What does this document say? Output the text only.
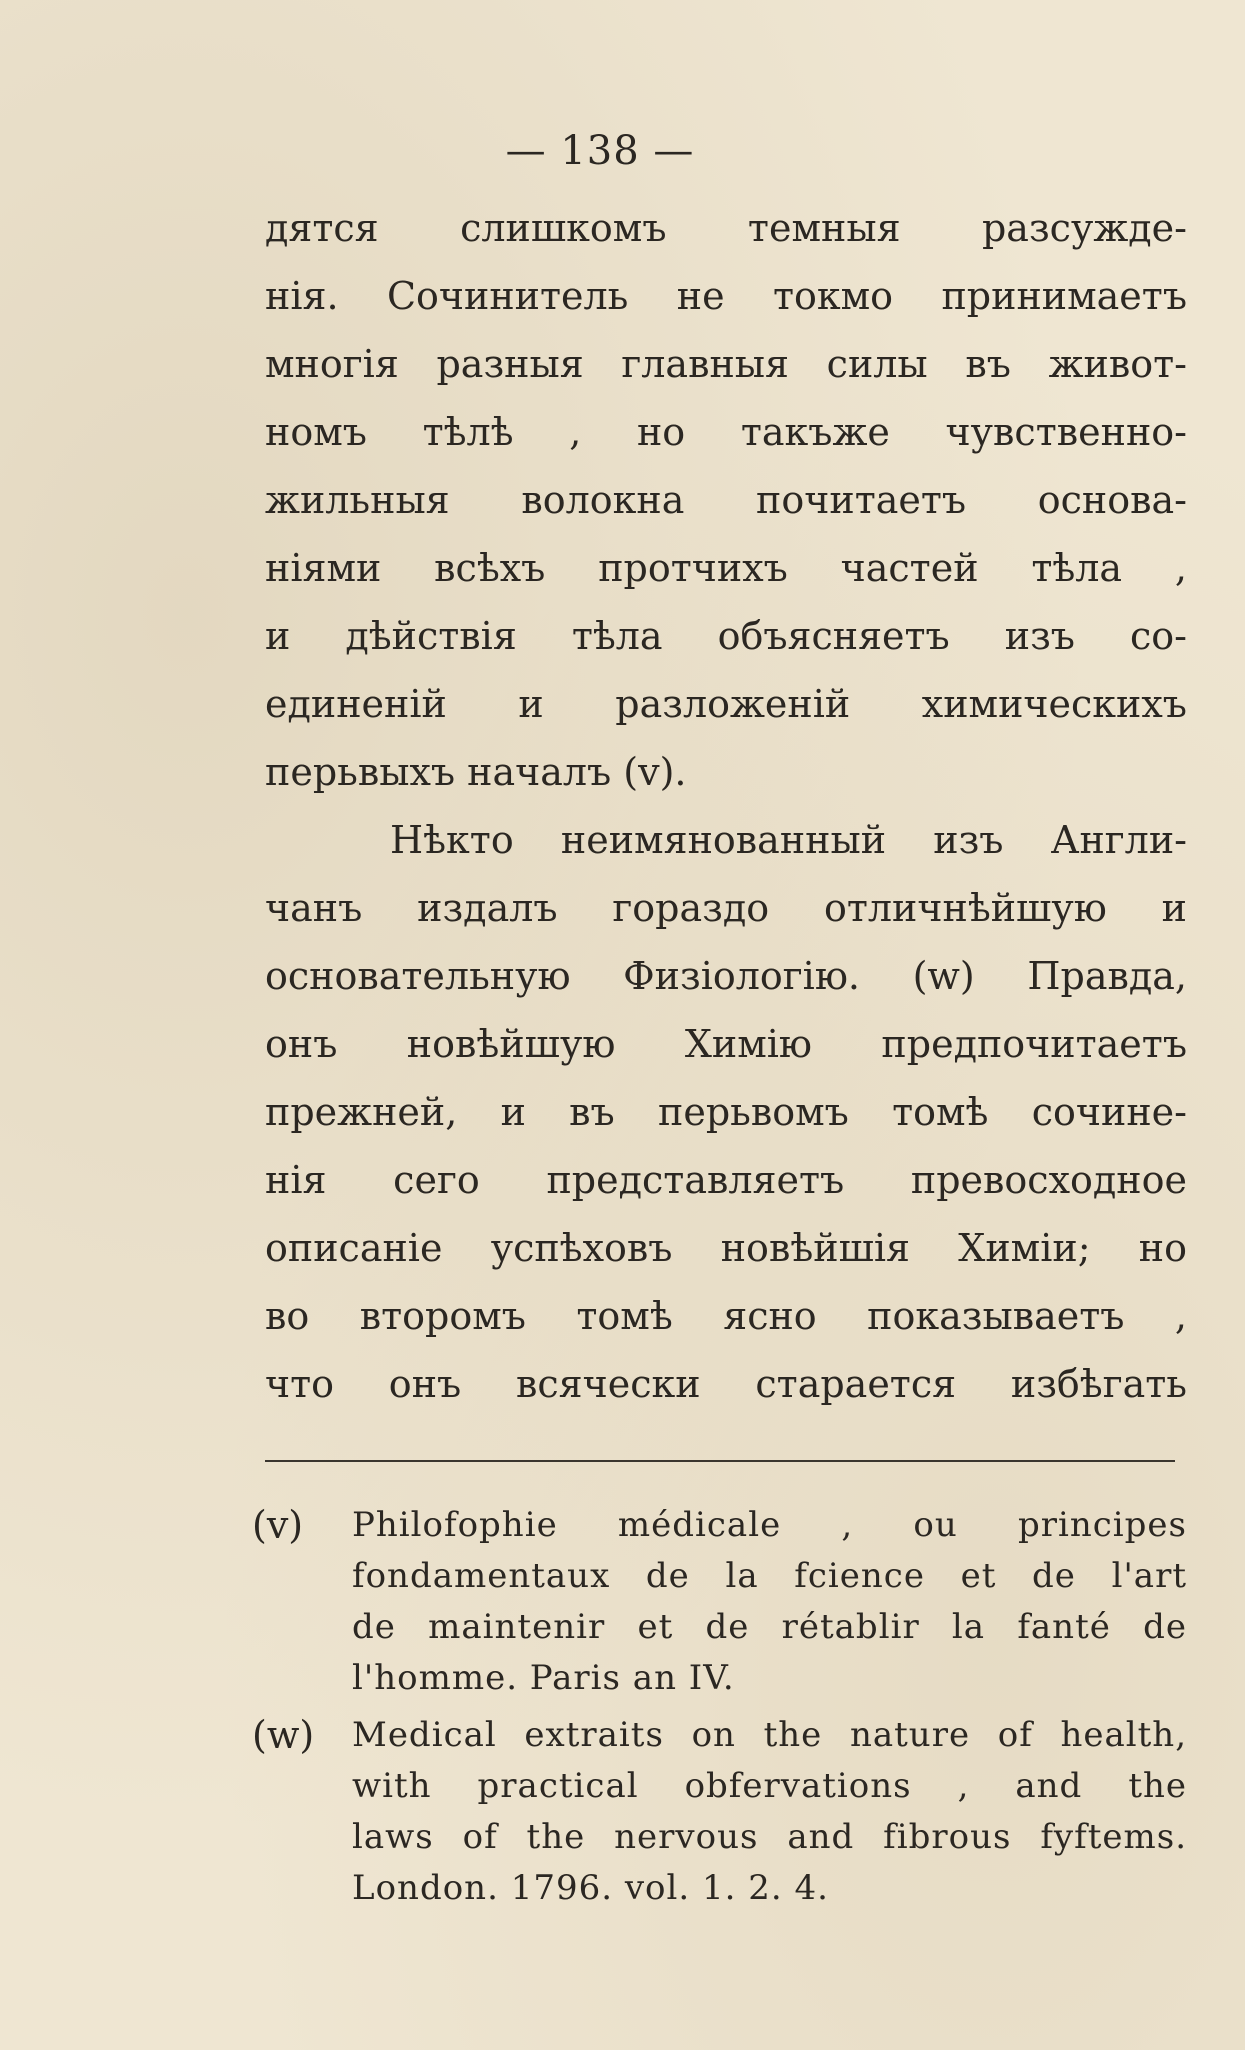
— 138 —
дятся слишкомъ темныя разсужде-
нія. Сочинитель не токмо принимаетъ
многія разныя главныя силы въ живот-
номъ тѣлѣ , но такъже чувственно-
жильныя волокна почитаетъ основа-
ніями всѣхъ протчихъ частей тѣла ,
и дѣйствія тѣла объясняетъ изъ со-
единеній и разложеній химическихъ
перьвыхъ началъ (v).
Нѣкто неимянованный изъ Англи-
чанъ издалъ гораздо отличнѣйшую и
основательную Физіологію. (w) Правда,
онъ новѣйшую Химію предпочитаетъ
прежней, и въ перьвомъ томѣ сочине-
нія сего представляетъ превосходное
описаніе успѣховъ новѣйшія Химіи; но
во второмъ томѣ ясно показываетъ ,
что онъ всячески старается избѣгать
(v) Philofophie médicale , ou principes
fondamentaux de la fcience et de l'art
de maintenir et de rétablir la fanté de
l'homme. Paris an IV.
(w) Medical extraits on the nature of health,
with practical obfervations , and the
laws of the nervous and fibrous fyftems.
London. 1796. vol. 1. 2. 4.
